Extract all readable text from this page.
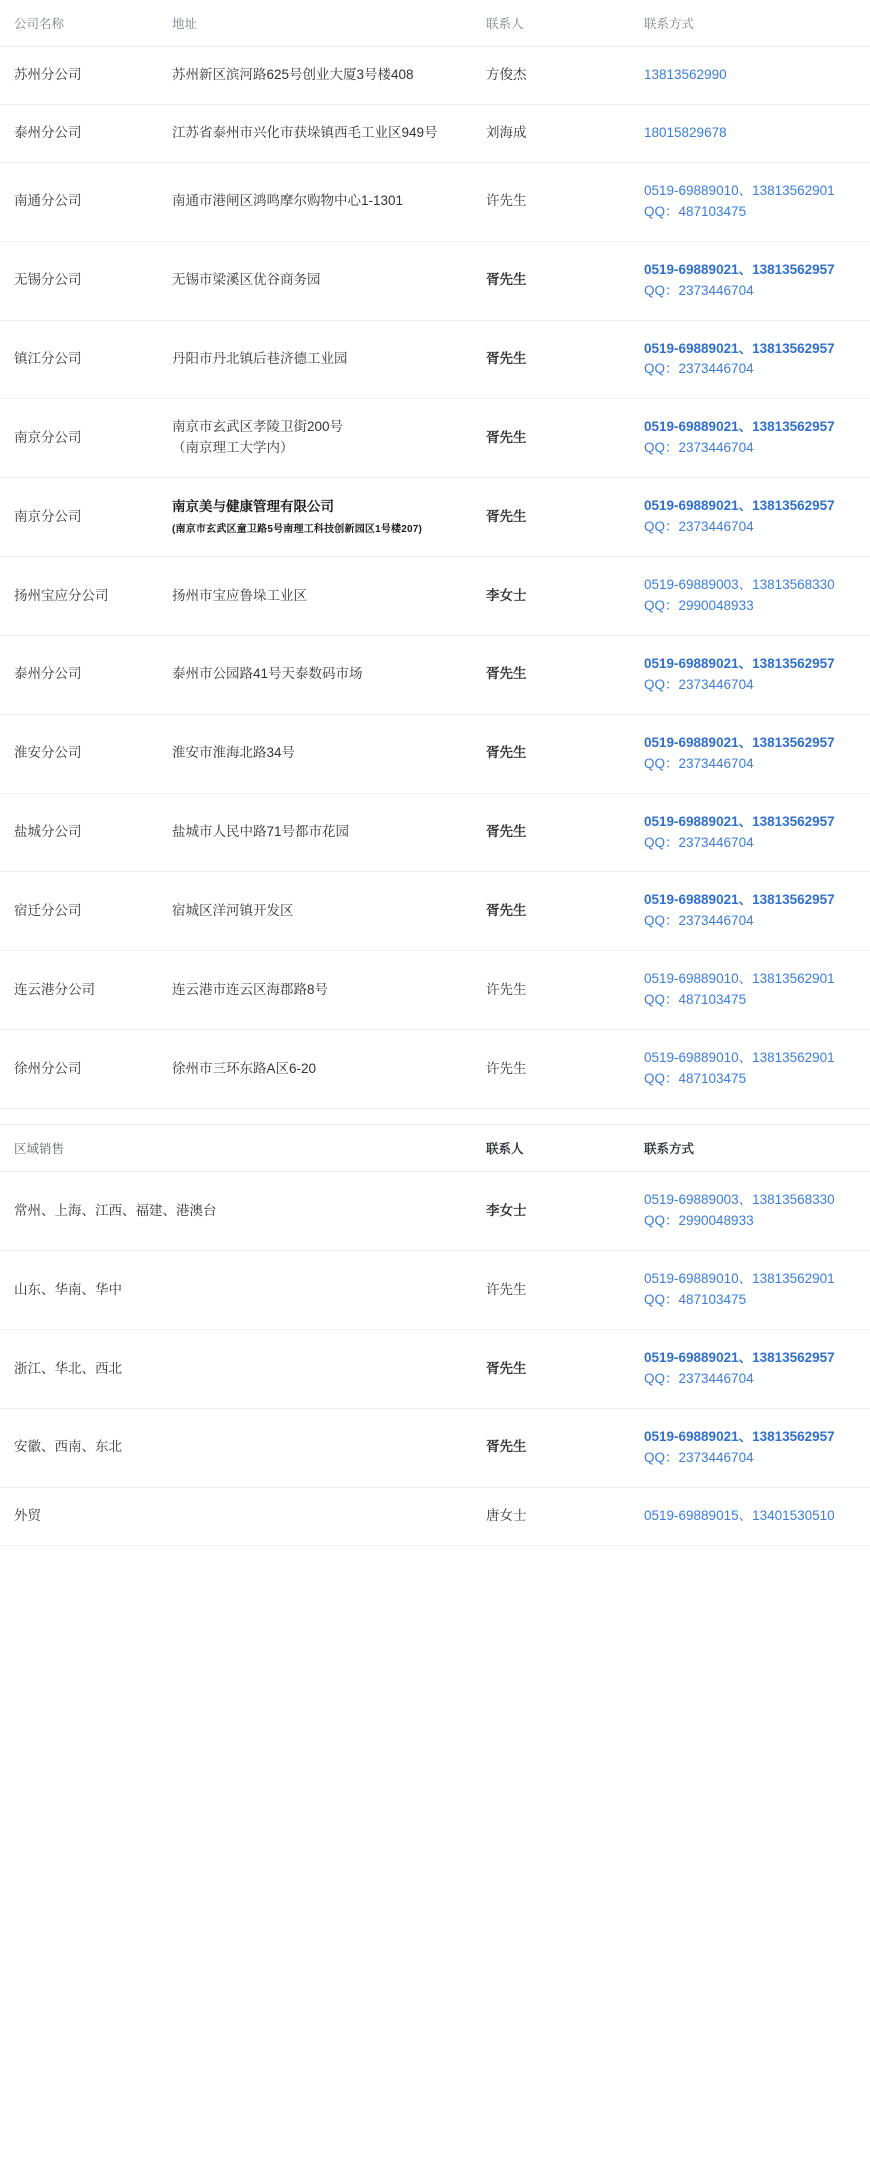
公司名称	地址	联系人	联系方式
苏州分公司	苏州新区滨河路625号创业大厦3号楼408	方俊杰	13813562990
泰州分公司	江苏省泰州市兴化市获垛镇西毛工业区949号	刘海成	18015829678
南通分公司	南通市港闸区鸿鸣摩尔购物中心1-1301	许先生	0519-69889010、13813562901
QQ：487103475

无锡分公司	无锡市梁溪区优谷商务园	胥先生	0519-69889021、13813562957
QQ：2373446704

镇江分公司	丹阳市丹北镇后巷济德工业园	胥先生	0519-69889021、13813562957
QQ：2373446704

南京分公司	南京市玄武区孝陵卫街200号
（南京理工大学内）	胥先生	0519-69889021、13813562957
QQ：2373446704

南京分公司	南京美与健康管理有限公司
(南京市玄武区童卫路5号南理工科技创新园区1号楼207)	胥先生	0519-69889021、13813562957
QQ：2373446704

扬州宝应分公司	扬州市宝应鲁垛工业区	李女士	0519-69889003、13813568330
QQ：2990048933

泰州分公司	泰州市公园路41号天泰数码市场	胥先生	0519-69889021、13813562957
QQ：2373446704

淮安分公司	淮安市淮海北路34号	胥先生	0519-69889021、13813562957
QQ：2373446704

盐城分公司	盐城市人民中路71号都市花园	胥先生	0519-69889021、13813562957
QQ：2373446704

宿迁分公司	宿城区洋河镇开发区	胥先生	0519-69889021、13813562957
QQ：2373446704

连云港分公司	连云港市连云区海郡路8号	许先生	0519-69889010、13813562901
QQ：487103475

徐州分公司	徐州市三环东路A区6-20	许先生	0519-69889010、13813562901
QQ：487103475

区域销售	联系人	联系方式
常州、上海、江西、福建、港澳台	李女士	0519-69889003、13813568330
QQ：2990048933

山东、华南、华中	许先生	0519-69889010、13813562901
QQ：487103475

浙江、华北、西北	胥先生	0519-69889021、13813562957
QQ：2373446704

安徽、西南、东北	胥先生	0519-69889021、13813562957
QQ：2373446704

外贸	唐女士	0519-69889015、13401530510
